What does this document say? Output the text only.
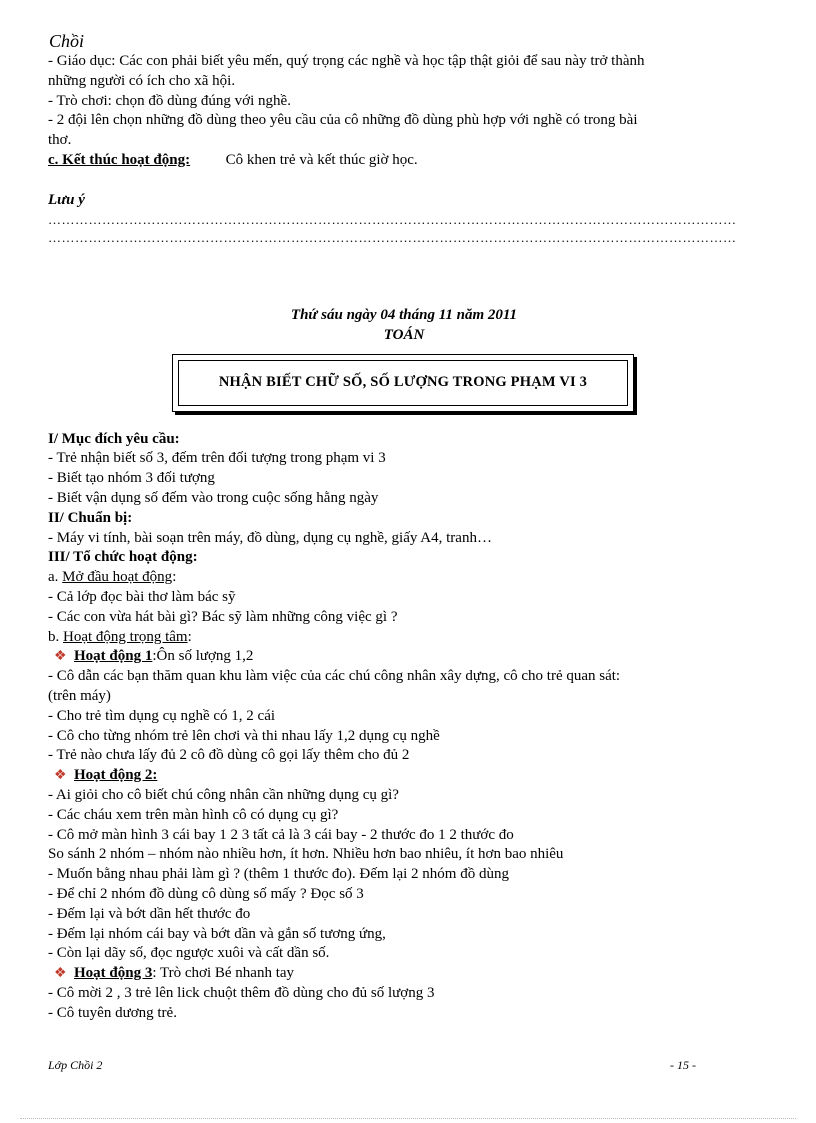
Chồi
- Giáo dục: Các con phải biết yêu mến, quý trọng các nghề và học tập thật giỏi để sau này trở thành
những người có ích cho xã hội.
- Trò chơi: chọn đồ dùng đúng với nghề.
- 2 đội lên chọn những đồ dùng theo yêu cầu của cô những đồ dùng phù hợp với nghề có trong bài
thơ.
c. Kết thúc hoạt động: Cô khen trẻ và kết thúc giờ học.
Lưu ý
………………………………………………………………………………………………………………………………………
………………………………………………………………………………………………………………………………………
Thứ sáu ngày 04 tháng 11 năm 2011
TOÁN
NHẬN BIẾT CHỮ SỐ, SỐ LƯỢNG TRONG PHẠM VI 3
I/ Mục đích yêu cầu:
- Trẻ nhận biết số 3, đếm trên đối tượng trong phạm vi 3
- Biết tạo nhóm 3 đối tượng
- Biết vận dụng số đếm vào trong cuộc sống hằng ngày
II/ Chuẩn bị:
- Máy vi tính, bài soạn trên máy, đồ dùng, dụng cụ nghề, giấy A4, tranh…
III/ Tổ chức hoạt động:
a. Mở đầu hoạt động:
- Cả lớp đọc bài thơ làm bác sỹ
- Các con vừa hát bài gì? Bác sỹ làm những công việc gì ?
b. Hoạt động trọng tâm:
❖ Hoạt động 1:Ôn số lượng 1,2
- Cô dẫn các bạn thăm quan khu làm việc của các chú công nhân xây dựng, cô cho trẻ quan sát:
(trên máy)
- Cho trẻ tìm dụng cụ nghề có 1, 2 cái
- Cô cho từng nhóm trẻ lên chơi và thi nhau lấy 1,2 dụng cụ nghề
- Trẻ nào chưa lấy đủ 2 cô đồ dùng cô gọi lấy thêm cho đủ 2
❖ Hoạt động 2:
- Ai giỏi cho cô biết chú công nhân cần những dụng cụ gì?
- Các cháu xem trên màn hình cô có dụng cụ gì?
- Cô mở màn hình 3 cái bay 1 2 3 tất cả là 3 cái bay - 2 thước đo 1 2 thước đo
So sánh 2 nhóm – nhóm nào nhiều hơn, ít hơn. Nhiều hơn bao nhiêu, ít hơn bao nhiêu
- Muốn bằng nhau phải làm gì ? (thêm 1 thước đo). Đếm lại 2 nhóm đồ dùng
- Để chỉ 2 nhóm đồ dùng cô dùng số mấy ? Đọc số 3
- Đếm lại và bớt dần hết thước đo
- Đếm lại nhóm cái bay và bớt dần và gắn số tương ứng,
- Còn lại dãy số, đọc ngược xuôi và cất dần số.
❖ Hoạt động 3: Trò chơi Bé nhanh tay
- Cô mời 2 , 3 trẻ lên lick chuột thêm đồ dùng cho đủ số lượng 3
- Cô tuyên dương trẻ.
Lớp Chồi 2	- 15 -
